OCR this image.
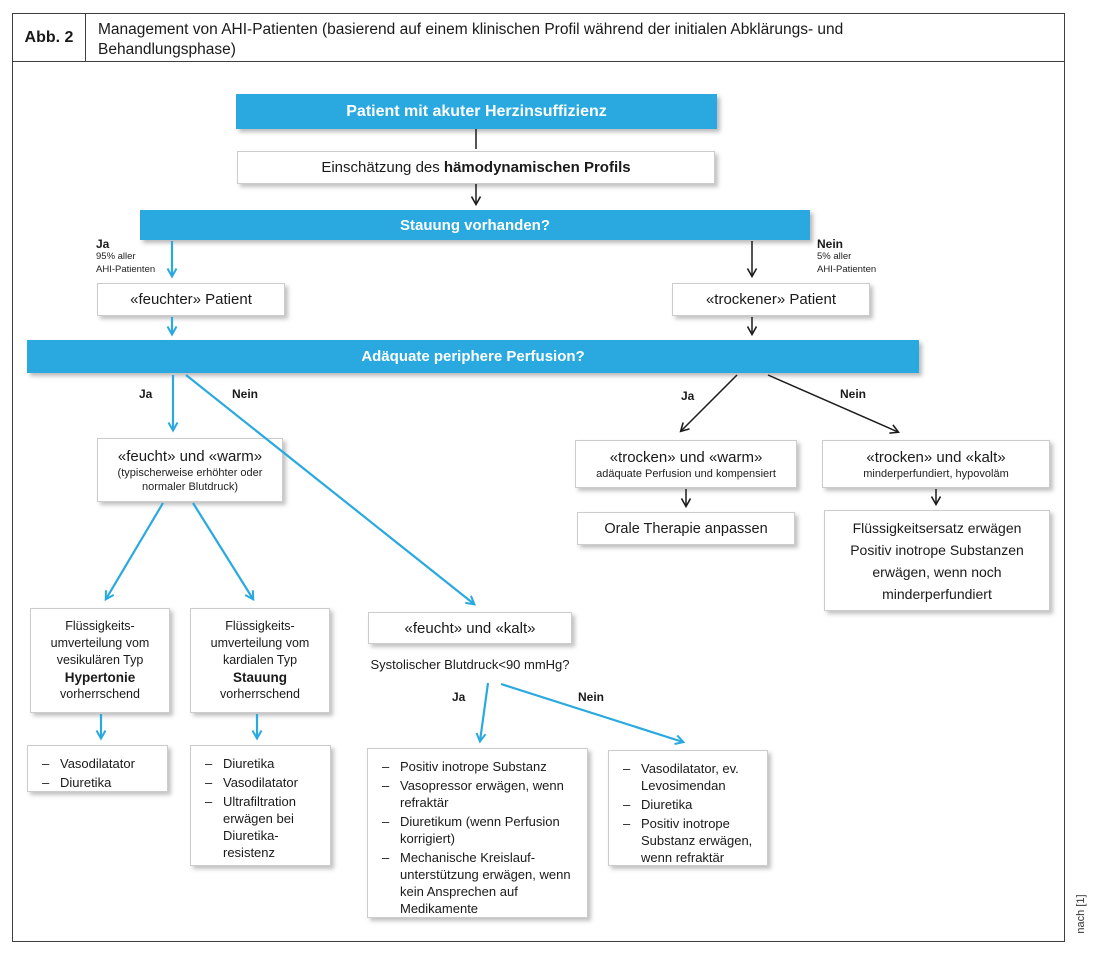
Abb. 2	Management von AHI-Patienten (basierend auf einem klinischen Profil während der initialen Abklärungs- und
Behandlungsphase)
Patient mit akuter Herzinsuffizienz
Einschätzung des hämodynamischen Profils
Stauung vorhanden?
Ja
95% aller
AHI-Patienten
Nein
5% aller
AHI-Patienten
«feuchter» Patient	«trockener» Patient
Adäquate periphere Perfusion?
Ja	Nein	Ja	Nein
«feucht» und «warm»
(typischerweise erhöhter oder
normaler Blutdruck)
«trocken» und «warm»
adäquate Perfusion und kompensiert
«trocken» und «kalt»
minderperfundiert, hypovoläm
Orale Therapie anpassen	Flüssigkeitsersatz erwägen
Positiv inotrope Substanzen
erwägen, wenn noch
minderperfundiert
Flüssigkeits-
umverteilung vom
vesikulären Typ
Hypertonie
vorherrschend
Flüssigkeits-
umverteilung vom
kardialen Typ
Stauung
vorherrschend
«feucht» und «kalt»
Systolischer Blutdruck<90 mmHg?
Ja	Nein
– Vasodilatator
– Diuretika
– Diuretika
– Vasodilatator
– Ultrafiltration erwägen bei Diuretika-resistenz
– Positiv inotrope Substanz
– Vasopressor erwägen, wenn refraktär
– Diuretikum (wenn Perfusion korrigiert)
– Mechanische Kreislauf-unterstützung erwägen, wenn kein Ansprechen auf Medikamente
– Vasodilatator, ev. Levosimendan
– Diuretika
– Positiv inotrope Substanz erwägen, wenn refraktär
nach [1]
